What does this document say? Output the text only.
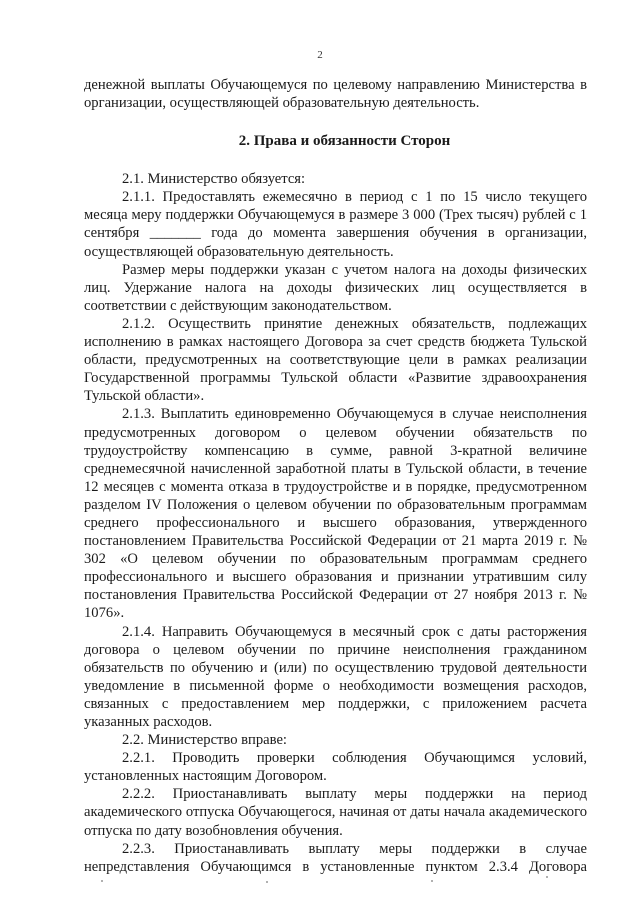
2

денежной выплаты Обучающемуся по целевому направлению Министерства в организации, осуществляющей образовательную деятельность.

2. Права и обязанности Сторон

2.1. Министерство обязуется:

2.1.1. Предоставлять ежемесячно в период с 1 по 15 число текущего месяца меру поддержки Обучающемуся в размере 3 000 (Трех тысяч) рублей с 1 сентября _______ года до момента завершения обучения в организации, осуществляющей образовательную деятельность.

Размер меры поддержки указан с учетом налога на доходы физических лиц. Удержание налога на доходы физических лиц осуществляется в соответствии с действующим законодательством.

2.1.2. Осуществить принятие денежных обязательств, подлежащих исполнению в рамках настоящего Договора за счет средств бюджета Тульской области, предусмотренных на соответствующие цели в рамках реализации Государственной программы Тульской области «Развитие здравоохранения Тульской области».

2.1.3. Выплатить единовременно Обучающемуся в случае неисполнения предусмотренных договором о целевом обучении обязательств по трудоустройству компенсацию в сумме, равной 3-кратной величине среднемесячной начисленной заработной платы в Тульской области, в течение 12 месяцев с момента отказа в трудоустройстве и в порядке, предусмотренном разделом IV Положения о целевом обучении по образовательным программам среднего профессионального и высшего образования, утвержденного постановлением Правительства Российской Федерации от 21 марта 2019 г. № 302 «О целевом обучении по образовательным программам среднего профессионального и высшего образования и признании утратившим силу постановления Правительства Российской Федерации от 27 ноября 2013 г. № 1076».

2.1.4. Направить Обучающемуся в месячный срок с даты расторжения договора о целевом обучении по причине неисполнения гражданином обязательств по обучению и (или) по осуществлению трудовой деятельности уведомление в письменной форме о необходимости возмещения расходов, связанных с предоставлением мер поддержки, с приложением расчета указанных расходов.

2.2. Министерство вправе:

2.2.1. Проводить проверки соблюдения Обучающимся условий, установленных настоящим Договором.

2.2.2. Приостанавливать выплату меры поддержки на период академического отпуска Обучающегося, начиная от даты начала академического отпуска по дату возобновления обучения.

2.2.3. Приостанавливать выплату меры поддержки в случае непредставления Обучающимся в установленные пунктом 2.3.4 Договора
